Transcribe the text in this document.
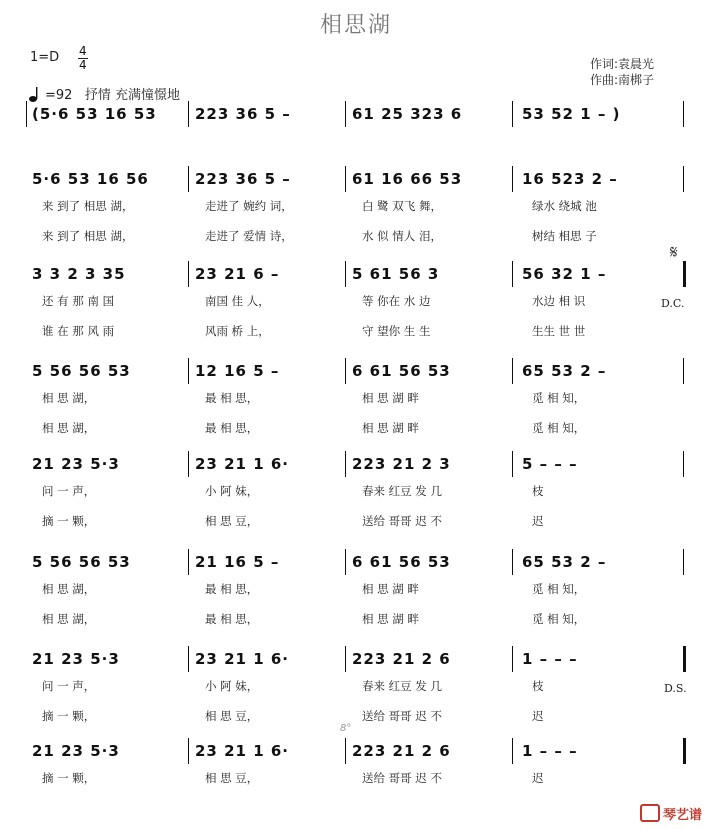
相思湖
$1=D \frac{4}{4}$
=92 抒情 充满憧憬地
作词:袁晨光
作曲:南梆子
(5·6 53 16 53	223 36 5 –	61 25 323 6	53 52 1 – )
5·6 53 16 56	223 36 5 –	61 16 66 53	16 523 2 –
来 到了 相思 湖，	走进了 婉约 词，	白 鹭 双飞 舞，	绿水 绕城 池
来 到了 相思 湖，	走进了 爱情 诗，	水 似 情人 泪，	树结 相思 子
3 3 2 3 35	23 21 6 –	5 61 56 3	56 32 1 –
还 有 那 南 国	南国 佳 人，	等 你在 水 边	水边 相 识
谁 在 那 风 雨	风雨 桥 上，	守 望你 生 生	生生 世 世
5 56 56 53	12 16 5 –	6 61 56 53	65 53 2 –
相 思 湖，	最 相 思，	相 思 湖 畔	觅 相 知，
相 思 湖，	最 相 思，	相 思 湖 畔	觅 相 知，
21 23 5·3	23 21 1 6·	223 21 2 3	5 – – –
问 一 声，	小 阿 妹，	春来 红豆 发 几	枝
摘 一 颗，	相 思 豆，	送给 哥哥 迟 不	迟
5 56 56 53	21 16 5 –	6 61 56 53	65 53 2 –
相 思 湖，	最 相 思，	相 思 湖 畔	觅 相 知，
相 思 湖，	最 相 思，	相 思 湖 畔	觅 相 知，
21 23 5·3	23 21 1 6·	223 21 2 6	1 – – –
问 一 声，	小 阿 妹，	春来 红豆 发 几	枝
摘 一 颗，	相 思 豆，	送给 哥哥 迟 不	迟
21 23 5·3	23 21 1 6·	223 21 2 6	1 – – –
摘 一 颗，	相 思 豆，	送给 哥哥 迟 不	迟
D.C.
𝄋
D.S.
8°
琴艺谱
